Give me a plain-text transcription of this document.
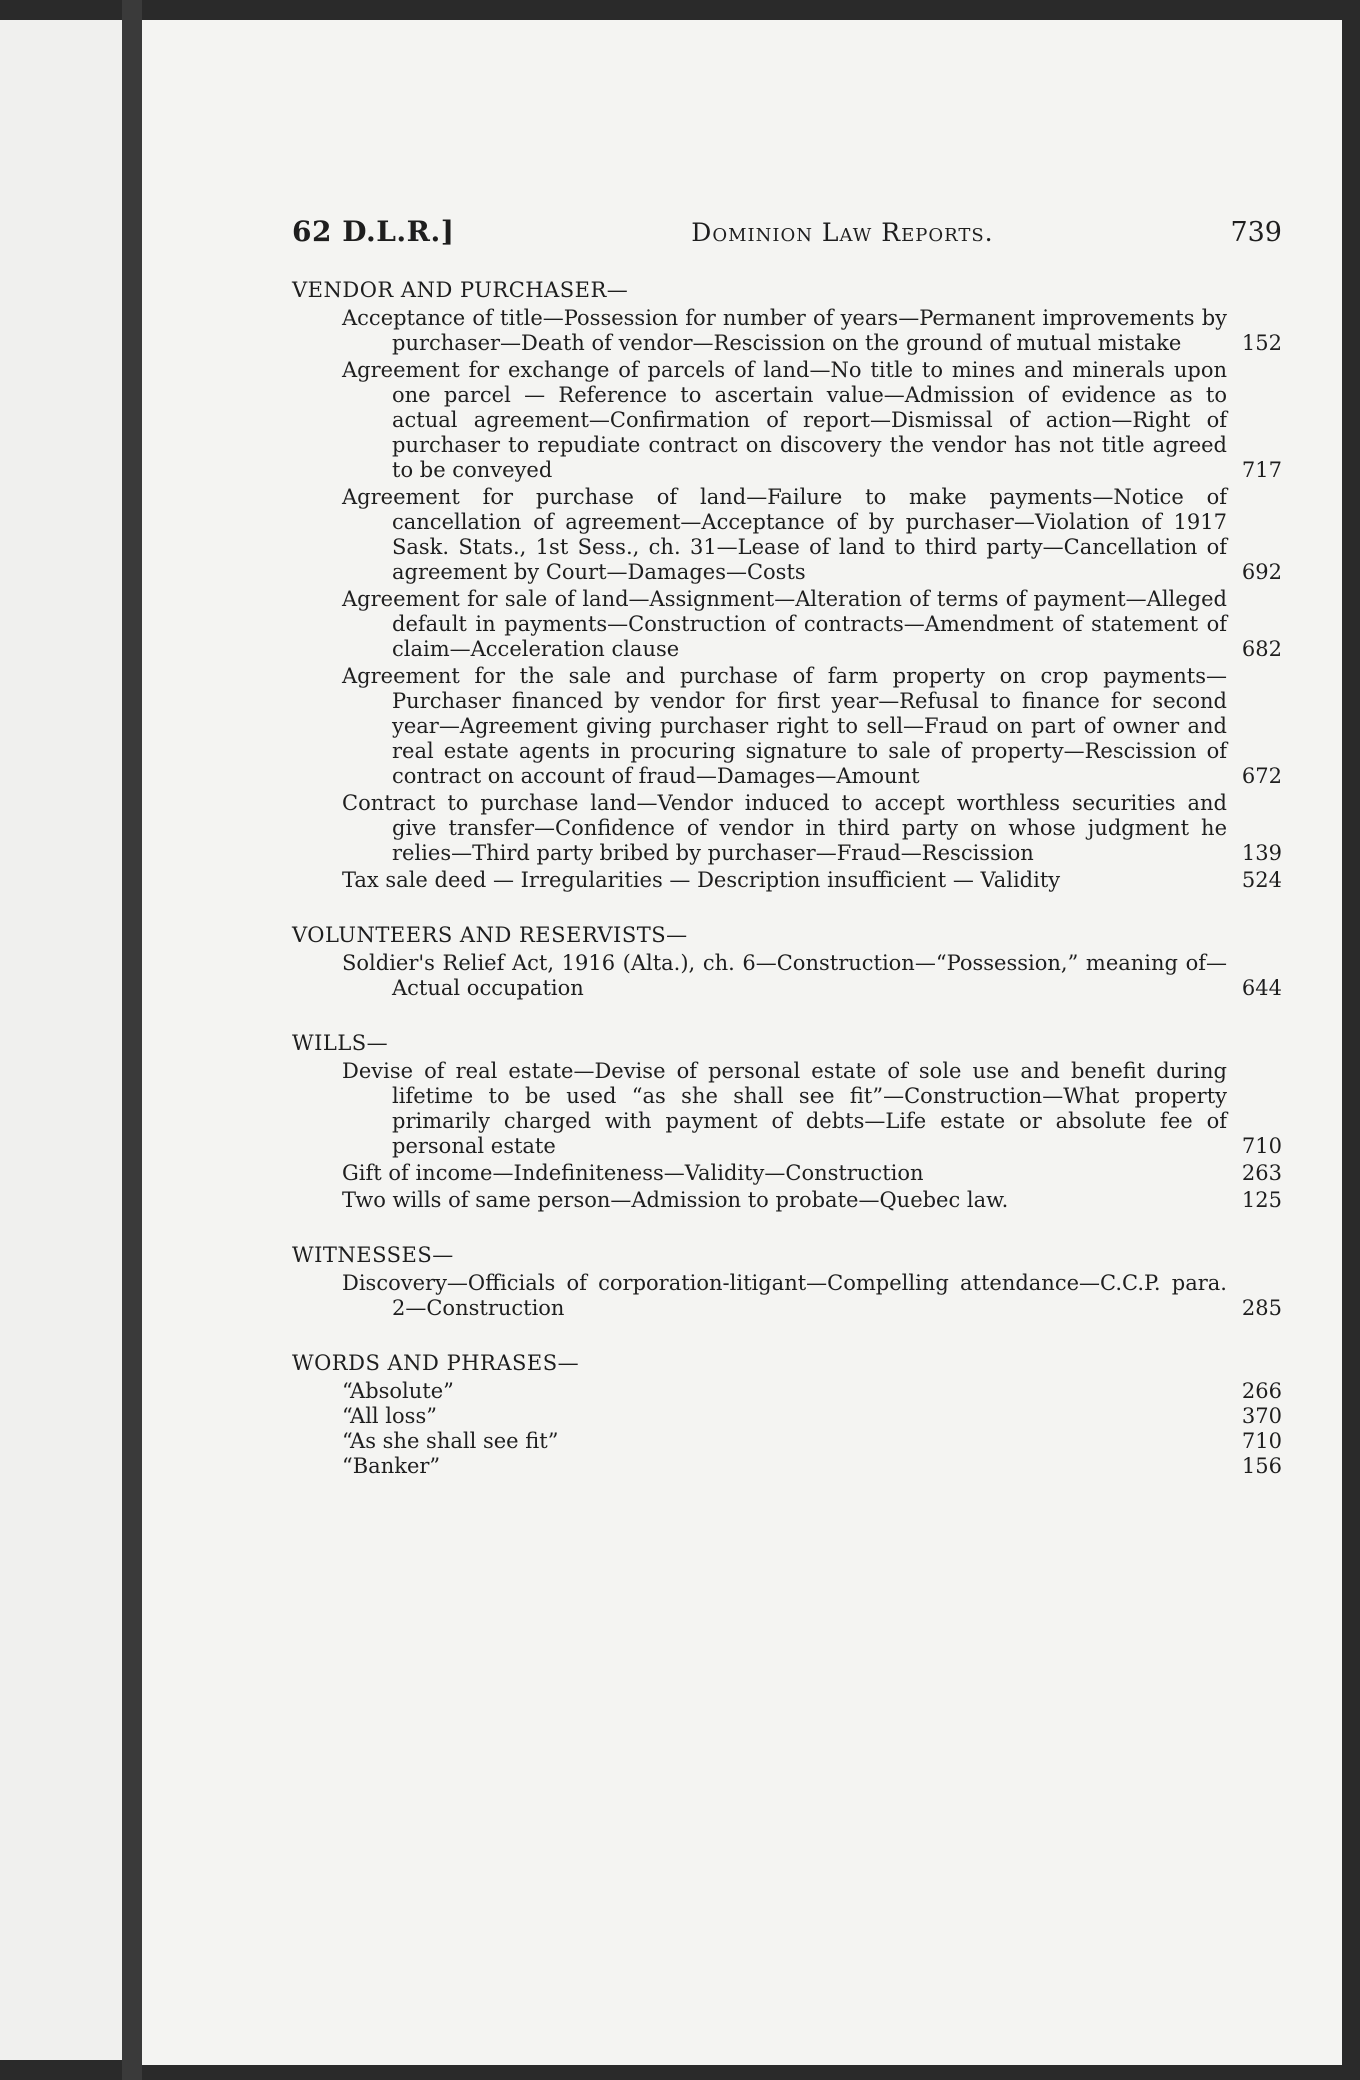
62 D.L.R.]	Dominion Law Reports.	739
VENDOR AND PURCHASER—
Acceptance of title—Possession for number of years—Permanent improvements by purchaser—Death of vendor—Rescission on the ground of mutual mistake	152
Agreement for exchange of parcels of land—No title to mines and minerals upon one parcel — Reference to ascertain value—Admission of evidence as to actual agreement—Confirmation of report—Dismissal of action—Right of purchaser to repudiate contract on discovery the vendor has not title agreed to be conveyed	717
Agreement for purchase of land—Failure to make payments—Notice of cancellation of agreement—Acceptance of by purchaser—Violation of 1917 Sask. Stats., 1st Sess., ch. 31—Lease of land to third party—Cancellation of agreement by Court—Damages—Costs	692
Agreement for sale of land—Assignment—Alteration of terms of payment—Alleged default in payments—Construction of contracts—Amendment of statement of claim—Acceleration clause	682
Agreement for the sale and purchase of farm property on crop payments—Purchaser financed by vendor for first year—Refusal to finance for second year—Agreement giving purchaser right to sell—Fraud on part of owner and real estate agents in procuring signature to sale of property—Rescission of contract on account of fraud—Damages—Amount	672
Contract to purchase land—Vendor induced to accept worthless securities and give transfer—Confidence of vendor in third party on whose judgment he relies—Third party bribed by purchaser—Fraud—Rescission	139
Tax sale deed — Irregularities — Description insufficient — Validity	524
VOLUNTEERS AND RESERVISTS—
Soldier's Relief Act, 1916 (Alta.), ch. 6—Construction—“Possession,” meaning of—Actual occupation	644
WILLS—
Devise of real estate—Devise of personal estate of sole use and benefit during lifetime to be used “as she shall see fit”—Construction—What property primarily charged with payment of debts—Life estate or absolute fee of personal estate	710
Gift of income—Indefiniteness—Validity—Construction	263
Two wills of same person—Admission to probate—Quebec law.	125
WITNESSES—
Discovery—Officials of corporation-litigant—Compelling attendance—C.C.P. para. 2—Construction	285
WORDS AND PHRASES—
“Absolute”	266
“All loss”	370
“As she shall see fit”	710
“Banker”	156
